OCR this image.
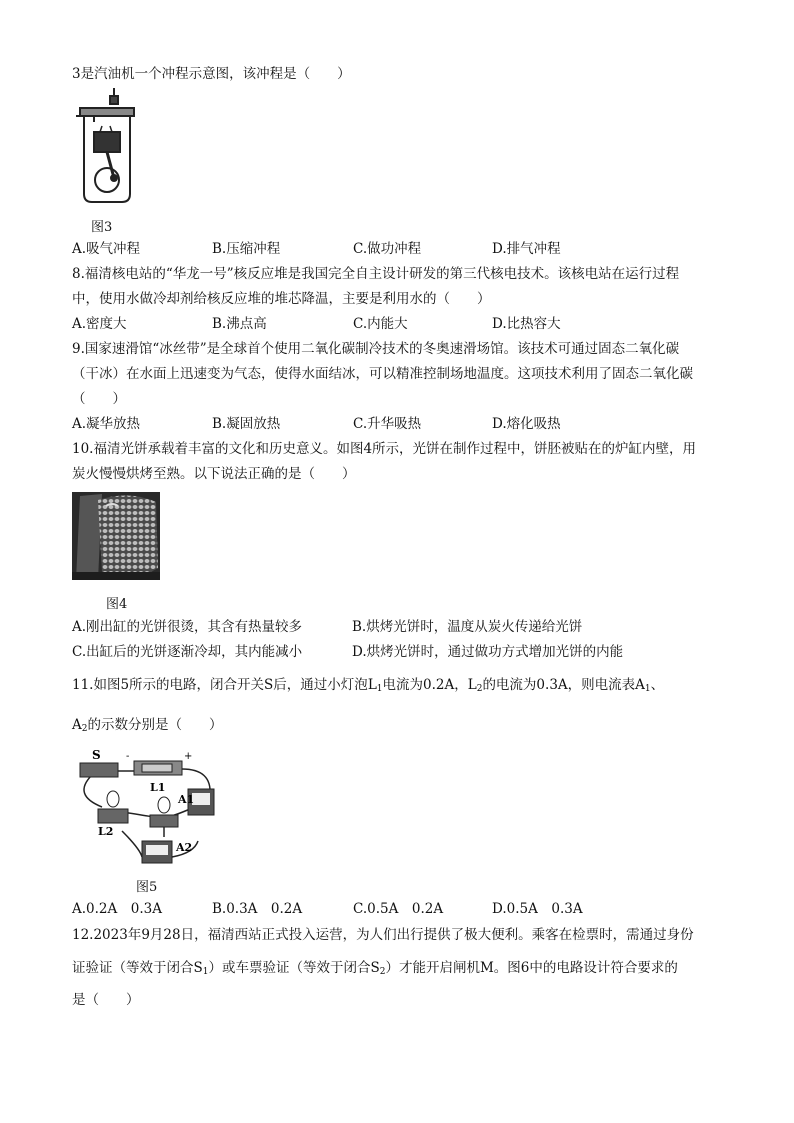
3是汽油机一个冲程示意图，该冲程是（　　）
图3
A.吸气冲程	B.压缩冲程	C.做功冲程	D.排气冲程
8.福清核电站的“华龙一号”核反应堆是我国完全自主设计研发的第三代核电技术。该核电站在运行过程
中，使用水做冷却剂给核反应堆的堆芯降温，主要是利用水的（　　）
A.密度大	B.沸点高	C.内能大	D.比热容大
9.国家速滑馆“冰丝带”是全球首个使用二氧化碳制冷技术的冬奥速滑场馆。该技术可通过固态二氧化碳
（干冰）在水面上迅速变为气态，使得水面结冰，可以精准控制场地温度。这项技术利用了固态二氧化碳
（　　）
A.凝华放热	B.凝固放热	C.升华吸热	D.熔化吸热
10.福清光饼承载着丰富的文化和历史意义。如图4所示，光饼在制作过程中，饼胚被贴在的炉缸内壁，用
炭火慢慢烘烤至熟。以下说法正确的是（　　）
图4
A.刚出缸的光饼很烫，其含有热量较多	B.烘烤光饼时，温度从炭火传递给光饼
C.出缸后的光饼逐渐冷却，其内能减小	D.烘烤光饼时，通过做功方式增加光饼的内能
11.如图5所示的电路，闭合开关S后，通过小灯泡$L_1$电流为0.2A，$L_2$的电流为0.3A，则电流表$A_1$、
$A_2$的示数分别是（　　）
S	-	+
L1
A1
L2
A2
图5
A.0.2A　0.3A	B.0.3A　0.2A	C.0.5A　0.2A	D.0.5A　0.3A
12.2023年9月28日，福清西站正式投入运营，为人们出行提供了极大便利。乘客在检票时，需通过身份
证验证（等效于闭合$S_1$）或车票验证（等效于闭合$S_2$）才能开启闸机M。图6中的电路设计符合要求的
是（　　）
